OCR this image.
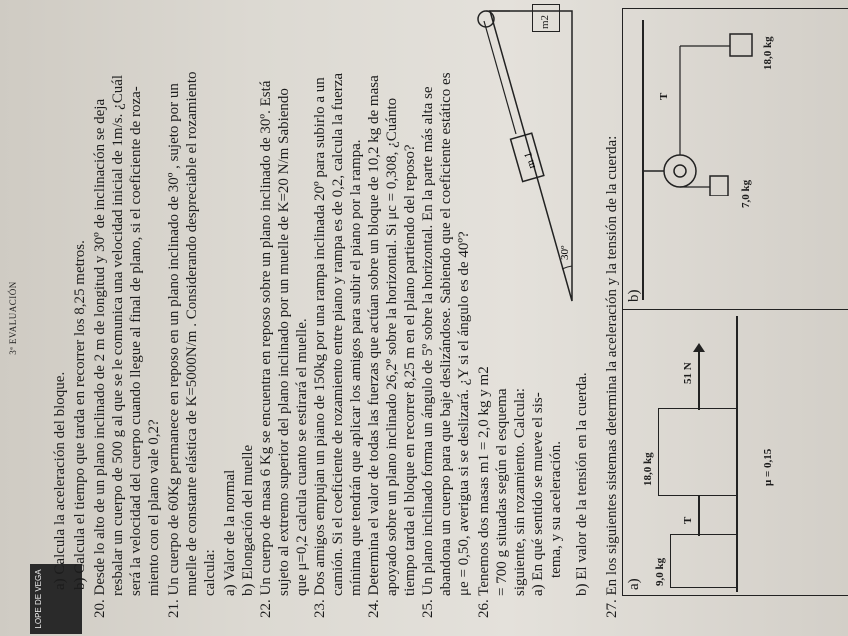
3ª EVALUACIÓN
LOPE DE VEGA
a) Calcula la aceleración del bloque. b) Calcula el tiempo que tarda en recorrer los 8,25 metros. 20. Desde lo alto de un plano inclinado de 2 m de longitud y 30º de inclinación se deja resbalar un cuerpo de 500 g al que se le comunica una velocidad inicial de 1m/s. ¿Cuál será la velocidad del cuerpo cuando llegue al final de plano, si el coeficiente de roza- miento con el plano vale 0,2? 21. Un cuerpo de 60Kg permanece en reposo en un plano inclinado de 30º , sujeto por un muelle de constante elástica de K=5000N/m . Considerando despreciable el rozamiento calcula: a) Valor de la normal b) Elongación del muelle 22. Un cuerpo de masa 6 Kg se encuentra en reposo sobre un plano inclinado de 30º. Está sujeto al extremo superior del plano inclinado por un muelle de K=20 N/m Sabiendo que μ=0,2 calcula cuanto se estirará el muelle. 23. Dos amigos empujan un piano de 150kg por una rampa inclinada 20º para subirlo a un camión. Si el coeficiente de rozamiento entre piano y rampa es de 0,2, calcula la fuerza mínima que tendrán que aplicar los amigos para subir el piano por la rampa. 24. Determina el valor de todas las fuerzas que actúan sobre un bloque de 10,2 kg de masa apoyado sobre un plano inclinado 26,2º sobre la horizontal. Si μc = 0,308, ¿Cuánto tiempo tarda el bloque en recorrer 8,25 m en el plano partiendo del reposo? 25. Un plano inclinado forma un ángulo de 5º sobre la horizontal. En la parte más alta se abandona un cuerpo para que baje deslizándose. Sabiendo que el coeficiente estático es μe = 0,50, averigua si se deslizará. ¿Y si el ángulo es de 40º? 26. Tenemos dos masas m1 = 2,0 kg y m2 = 700 g situadas según el esquema siguiente, sin rozamiento. Calcula: a) En qué sentido se mueve el sis- tema, y su aceleración. b) El valor de la tensión en la cuerda.
30º
m 1
m2
27. En los siguientes sistemas determina la aceleración y la tensión de la cuerda: a) 9,0 kg
18,0 kg
T
51 N
μ = 0,15
b)
T
7,0 kg
18,0 kg
